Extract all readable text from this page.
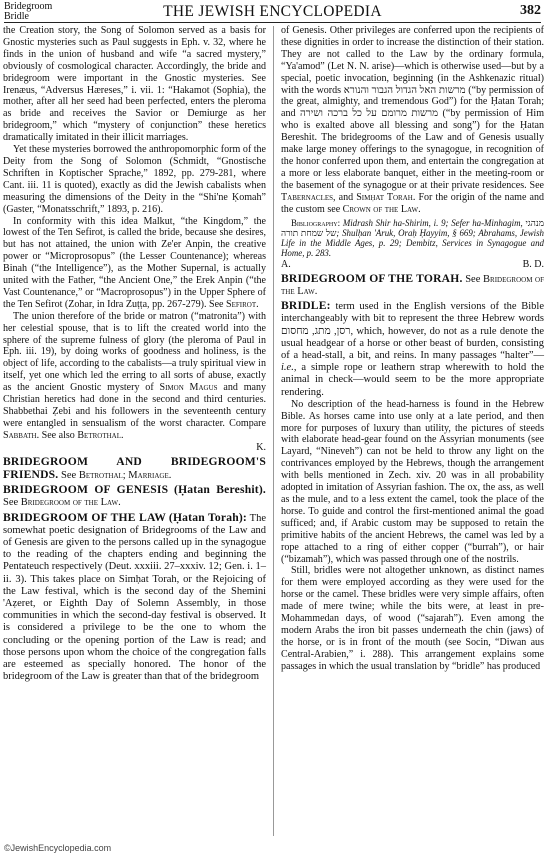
Bridegroom
Bridle	THE JEWISH ENCYCLOPEDIA	382

the Creation story, the Song of Solomon served as a basis for Gnostic mysteries such as Paul suggests in Eph. v. 32, where he finds in the union of husband and wife “a sacred mystery,” obviously of cosmological character. Accordingly, the bride and bridegroom were important in the Gnostic mysteries. See Irenæus, “Adversus Hæreses,” i. vii. 1: “Hakamot (Sophia), the mother, after all her seed had been perfected, enters the pleroma as bride and receives the Savior or Demiurge as her bridegroom,” which “mystery of conjunction” these heretics dramatically imitated in their illicit marriages.

Yet these mysteries borrowed the anthropomorphic form of the Deity from the Song of Solomon (Schmidt, “Gnostische Schriften in Koptischer Sprache,” 1892, pp. 279-281, where Cant. iii. 11 is quoted), exactly as did the Jewish cabalists when measuring the dimensions of the Deity in the “Shi'ne Ḳomah” (Gaster, “Monatsschrift,” 1893, p. 216).

In conformity with this idea Malkut, “the Kingdom,” the lowest of the Ten Sefirot, is called the bride, because she desires, but has not attained, the union with Ze'er Anpin, the creative power or “Microprosopus” (the Lesser Countenance); whereas Binah (“the Intelligence”), as the Mother Supernal, is actually united with the Father, “the Ancient One,” the Erek Anpin (“the Vast Countenance,” or “Macroprosopus”) in the Upper Sphere of the Ten Sefirot (Zohar, in Idra Zuṭṭa, pp. 267-279). See Sefirot.

The union therefore of the bride or matron (“matronita”) with her celestial spouse, that is to lift the created world into the sphere of the supreme fulness of glory (the pleroma of Paul in Eph. iii. 19), by doing works of goodness and holiness, is the object of life, according to the cabalists—a truly spiritual view in itself, yet one which led the erring to all sorts of abuse, exactly as the ancient Gnostic mystery of Simon Magus and many Christian heretics had done in the second and third centuries. Shabbethai Ẓebi and his followers in the seventeenth century were entangled in sensualism of the worst character. Compare Sabbath. See also Betrothal.

K.

BRIDEGROOM AND BRIDEGROOM'S FRIENDS. See Betrothal; Marriage.

BRIDEGROOM OF GENESIS (Ḥatan Bereshit). See Bridegroom of the Law.

BRIDEGROOM OF THE LAW (Ḥatan Torah): The somewhat poetic designation of Bridegrooms of the Law and of Genesis are given to the persons called up in the synagogue to the reading of the chapters ending and beginning the Pentateuch respectively (Deut. xxxiii. 27–xxxiv. 12; Gen. i. 1–ii. 3). This takes place on Simḥat Torah, or the Rejoicing of the Law festival, which is the second day of the Shemini 'Aẓeret, or Eighth Day of Solemn Assembly, in those communities in which the second-day festival is observed. It is considered a privilege to be the one to whom the concluding or the opening portion of the Law is read; and those persons upon whom the choice of the congregation falls are esteemed as specially honored. The honor of the bridegroom of the Law is greater than that of the bridegroom

of Genesis. Other privileges are conferred upon the recipients of these dignities in order to increase the distinction of their station. They are not called to the Law by the ordinary formula, “Ya'amod” (Let N. N. arise)—which is otherwise used—but by a special, poetic invocation, beginning (in the Ashkenazic ritual) with the words מרשות האל הגדול הגבור והנורא (“by permission of the great, almighty, and tremendous God”) for the Ḥatan Torah; and מרשות מרומם על כל ברכה ושירה (“by permission of Him who is exalted above all blessing and song”) for the Ḥatan Bereshit. The bridegrooms of the Law and of Genesis usually make large money offerings to the synagogue, in recognition of the honor conferred upon them, and entertain the congregation at a more or less elaborate banquet, either in the meeting-room or the basement of the synagogue or at their private residences. See Tabernacles, and Simḥat Torah. For the origin of the name and the custom see Crown of the Law.

Bibliography: Midrash Shir ha-Shirim, i. 9; Sefer ha-Minhagim, מנהגי של שמחת תורה; Shulḥan 'Aruk, Oraḥ Ḥayyim, § 669; Abrahams, Jewish Life in the Middle Ages, p. 29; Dembitz, Services in Synagogue and Home, p. 283.

A.	B. D.

BRIDEGROOM OF THE TORAH. See Bridegroom of the Law.

BRIDLE: term used in the English versions of the Bible interchangeably with bit to represent the three Hebrew words רסן, מתג, מחסום, which, however, do not as a rule denote the usual headgear of a horse or other beast of burden, consisting of a head-stall, a bit, and reins. In many passages “halter”—i.e., a simple rope or leathern strap wherewith to hold the animal in check—would seem to be the more appropriate rendering.

No description of the head-harness is found in the Hebrew Bible. As horses came into use only at a late period, and then more for purposes of luxury than utility, the pictures of steeds with elaborate head-gear found on the Assyrian monuments (see Layard, “Nineveh”) can not be held to throw any light on the contrivances employed by the Hebrews, though the arrangement with bells mentioned in Zech. xiv. 20 was in all probability adopted in imitation of Assyrian fashion. The ox, the ass, as well as the mule, and to a less extent the camel, took the place of the horse. To guide and control the first-mentioned animal the goad sufficed; and, if Arabic custom may be supposed to retain the primitive habits of the ancient Hebrews, the camel was led by a rope attached to a ring of either copper (“burrah”), or hair (“bizamah”), which was passed through one of the nostrils.

Still, bridles were not altogether unknown, as distinct names for them were employed according as they were used for the horse or the camel. These bridles were very simple affairs, often made of mere twine; while the bits were, at least in pre-Mohammedan days, of wood (“sajarah”). Even among the modern Arabs the iron bit passes underneath the chin (jaws) of the horse, or is in front of the mouth (see Socin, “Diwan aus Central-Arabien,” i. 288). This arrangement explains some passages in which the usual translation by “bridle” has produced

©JewishEncyclopedia.com
